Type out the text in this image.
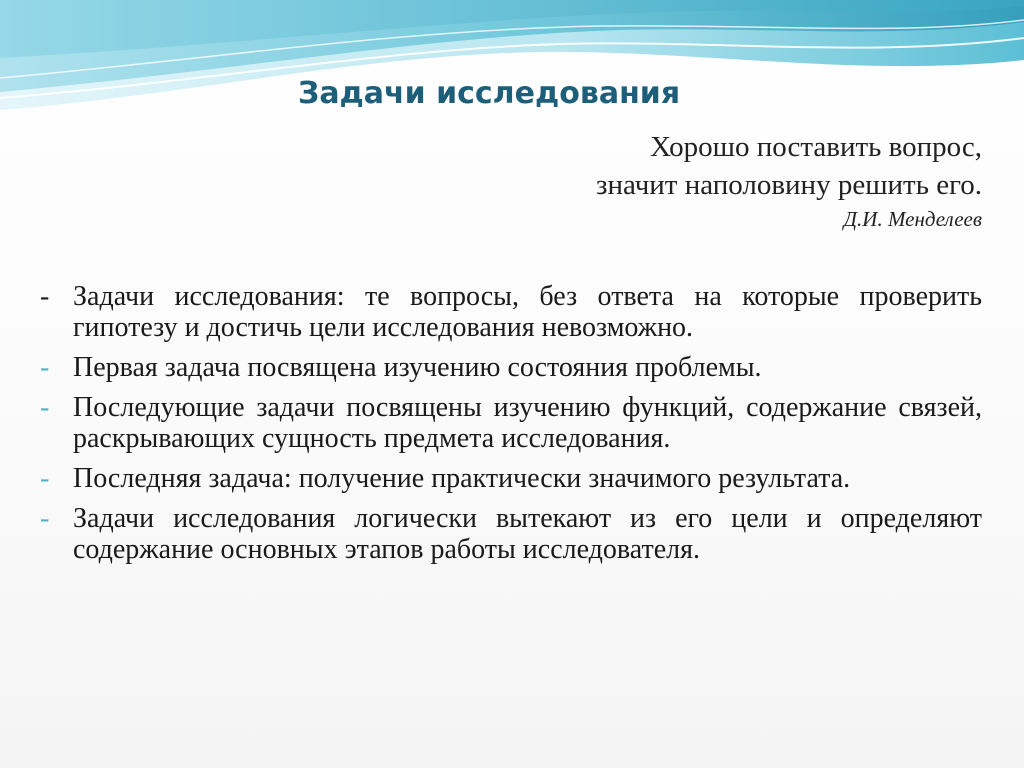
Задачи исследования
Хорошо поставить вопрос,
значит наполовину решить его.
Д.И. Менделеев
- Задачи исследования: те вопросы, без ответа на которые проверить гипотезу и достичь цели исследования невозможно.
- Первая задача посвящена изучению состояния проблемы.
- Последующие задачи посвящены изучению функций, содержание связей, раскрывающих сущность предмета исследования.
- Последняя задача: получение практически значимого результата.
- Задачи исследования логически вытекают из его цели и определяют содержание основных этапов работы исследователя.
